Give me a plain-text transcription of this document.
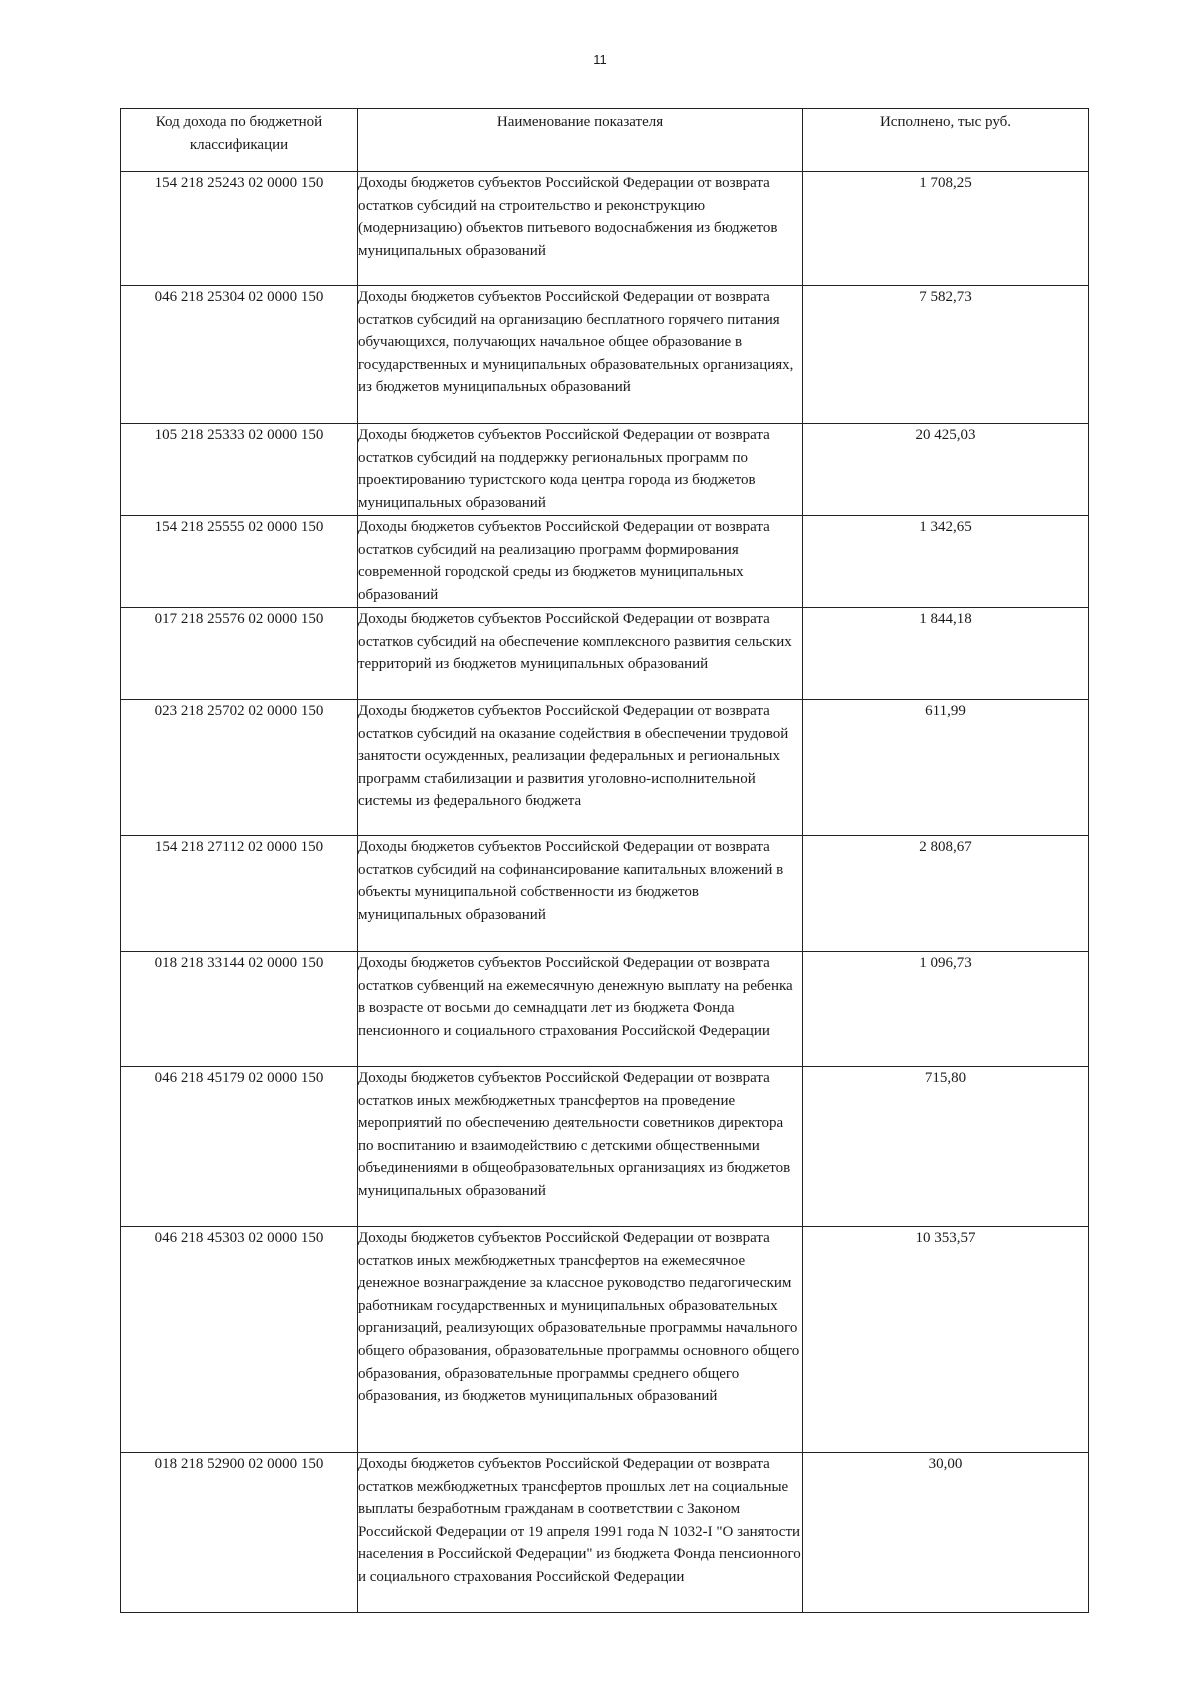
11
Код дохода по бюджетной классификации	Наименование показателя	Исполнено, тыс руб.
154 218 25243 02 0000 150	Доходы бюджетов субъектов Российской Федерации от возврата остатков субсидий на строительство и реконструкцию (модернизацию) объектов питьевого водоснабжения из бюджетов муниципальных образований	1 708,25
046 218 25304 02 0000 150	Доходы бюджетов субъектов Российской Федерации от возврата остатков субсидий на организацию бесплатного горячего питания обучающихся, получающих начальное общее образование в государственных и муниципальных образовательных организациях, из бюджетов муниципальных образований	7 582,73
105 218 25333 02 0000 150	Доходы бюджетов субъектов Российской Федерации от возврата остатков субсидий на поддержку региональных программ по проектированию туристского кода центра города из бюджетов муниципальных образований	20 425,03
154 218 25555 02 0000 150	Доходы бюджетов субъектов Российской Федерации от возврата остатков субсидий на реализацию программ формирования современной городской среды из бюджетов муниципальных образований	1 342,65
017 218 25576 02 0000 150	Доходы бюджетов субъектов Российской Федерации от возврата остатков субсидий на обеспечение комплексного развития сельских территорий из бюджетов муниципальных образований	1 844,18
023 218 25702 02 0000 150	Доходы бюджетов субъектов Российской Федерации от возврата остатков субсидий на оказание содействия в обеспечении трудовой занятости осужденных, реализации федеральных и региональных программ стабилизации и развития уголовно-исполнительной системы из федерального бюджета	611,99
154 218 27112 02 0000 150	Доходы бюджетов субъектов Российской Федерации от возврата остатков субсидий на софинансирование капитальных вложений в объекты муниципальной собственности из бюджетов муниципальных образований	2 808,67
018 218 33144 02 0000 150	Доходы бюджетов субъектов Российской Федерации от возврата остатков субвенций на ежемесячную денежную выплату на ребенка в возрасте от восьми до семнадцати лет из бюджета Фонда пенсионного и социального страхования Российской Федерации	1 096,73
046 218 45179 02 0000 150	Доходы бюджетов субъектов Российской Федерации от возврата остатков иных межбюджетных трансфертов на проведение мероприятий по обеспечению деятельности советников директора по воспитанию и взаимодействию с детскими общественными объединениями в общеобразовательных организациях из бюджетов муниципальных образований	715,80
046 218 45303 02 0000 150	Доходы бюджетов субъектов Российской Федерации от возврата остатков иных межбюджетных трансфертов на ежемесячное денежное вознаграждение за классное руководство педагогическим работникам государственных и муниципальных образовательных организаций, реализующих образовательные программы начального общего образования, образовательные программы основного общего образования, образовательные программы среднего общего образования, из бюджетов муниципальных образований	10 353,57
018 218 52900 02 0000 150	Доходы бюджетов субъектов Российской Федерации от возврата остатков межбюджетных трансфертов прошлых лет на социальные выплаты безработным гражданам в соответствии с Законом Российской Федерации от 19 апреля 1991 года N 1032-I "О занятости населения в Российской Федерации" из бюджета Фонда пенсионного и социального страхования Российской Федерации	30,00
